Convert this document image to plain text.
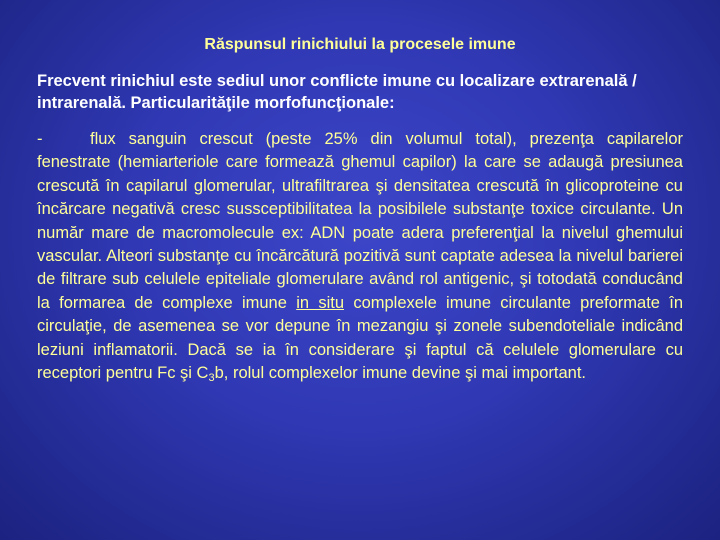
Răspunsul rinichiului la procesele imune
Frecvent rinichiul este sediul unor conflicte imune cu localizare extrarenală / intrarenală. Particularităţile morfofuncţionale:
-	flux sanguin crescut (peste 25% din volumul total), prezenţa capilarelor fenestrate (hemiarteriole care formează ghemul capilor) la care se adaugă presiunea crescută în capilarul glomerular, ultrafiltrarea şi densitatea crescută în glicoproteine cu încărcare negativă cresc sussceptibilitatea la posibilele substanţe toxice circulante. Un număr mare de macromolecule ex: ADN poate adera preferenţial la nivelul ghemului vascular. Alteori substanţe cu încărcătură pozitivă sunt captate adesea la nivelul barierei de filtrare sub celulele epiteliale glomerulare având rol antigenic, şi totodată conducând la formarea de complexe imune in situ complexele imune circulante preformate în circulaţie, de asemenea se vor depune în mezangiu şi zonele subendoteliale indicând leziuni inflamatorii. Dacă se ia în considerare şi faptul că celulele glomerulare cu receptori pentru Fc şi $C_3b$, rolul complexelor imune devine şi mai important.
